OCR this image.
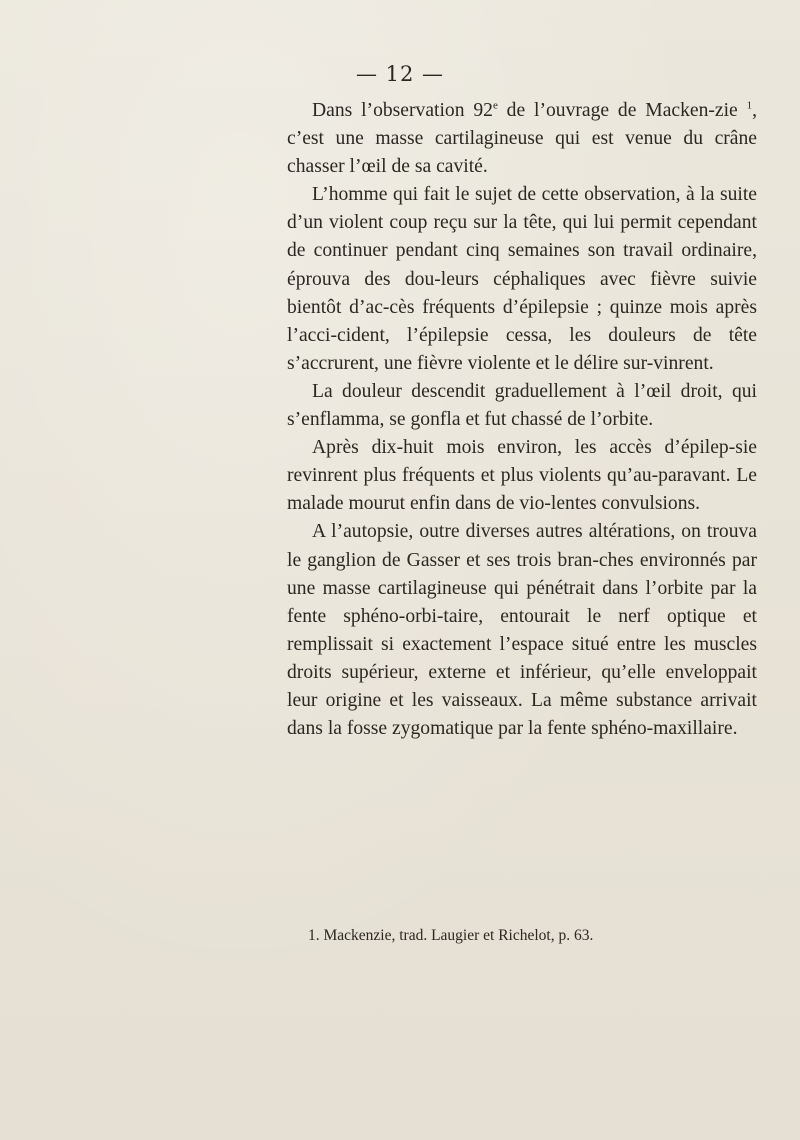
— 12 —

Dans l’observation 92e de l’ouvrage de Macken-zie $^1$, c’est une masse cartilagineuse qui est venue du crâne chasser l’œil de sa cavité.

L’homme qui fait le sujet de cette observation, à la suite d’un violent coup reçu sur la tête, qui lui permit cependant de continuer pendant cinq semaines son travail ordinaire, éprouva des dou-leurs céphaliques avec fièvre suivie bientôt d’ac-cès fréquents d’épilepsie ; quinze mois après l’acci-cident, l’épilepsie cessa, les douleurs de tête s’accrurent, une fièvre violente et le délire sur-vinrent.

La douleur descendit graduellement à l’œil droit, qui s’enflamma, se gonfla et fut chassé de l’orbite.

Après dix-huit mois environ, les accès d’épilep-sie revinrent plus fréquents et plus violents qu’au-paravant. Le malade mourut enfin dans de vio-lentes convulsions.

A l’autopsie, outre diverses autres altérations, on trouva le ganglion de Gasser et ses trois bran-ches environnés par une masse cartilagineuse qui pénétrait dans l’orbite par la fente sphéno-orbi-taire, entourait le nerf optique et remplissait si exactement l’espace situé entre les muscles droits supérieur, externe et inférieur, qu’elle enveloppait leur origine et les vaisseaux. La même substance arrivait dans la fosse zygomatique par la fente sphéno-maxillaire.

1. Mackenzie, trad. Laugier et Richelot, p. 63.
